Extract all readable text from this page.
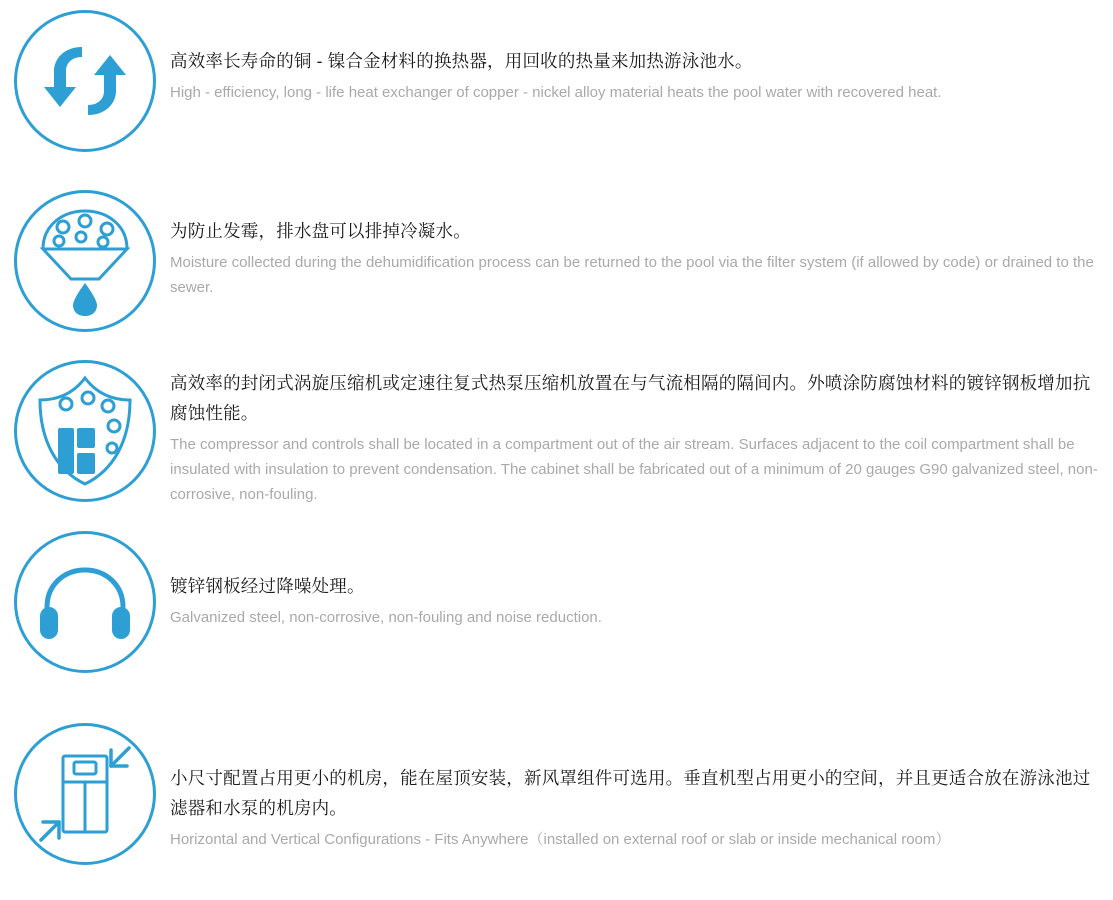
高效率长寿命的铜 - 镍合金材料的换热器，用回收的热量来加热游泳池水。

High - efficiency, long - life heat exchanger of copper - nickel alloy material heats the pool water with recovered heat.

为防止发霉，排水盘可以排掉冷凝水。

Moisture collected during the dehumidification process can be returned to the pool via the filter system (if allowed by code) or drained to the sewer.

高效率的封闭式涡旋压缩机或定速往复式热泵压缩机放置在与气流相隔的隔间内。外喷涂防腐蚀材料的镀锌钢板增加抗腐蚀性能。

The compressor and controls shall be located in a compartment out of the air stream. Surfaces adjacent to the coil compartment shall be insulated with insulation to prevent condensation. The cabinet shall be fabricated out of a minimum of 20 gauges G90 galvanized steel, non-corrosive, non-fouling.

镀锌钢板经过降噪处理。

Galvanized steel, non-corrosive, non-fouling and noise reduction.

小尺寸配置占用更小的机房，能在屋顶安装，新风罩组件可选用。垂直机型占用更小的空间，并且更适合放在游泳池过滤器和水泵的机房内。

Horizontal and Vertical Configurations - Fits Anywhere（installed on external roof or slab or inside mechanical room）
